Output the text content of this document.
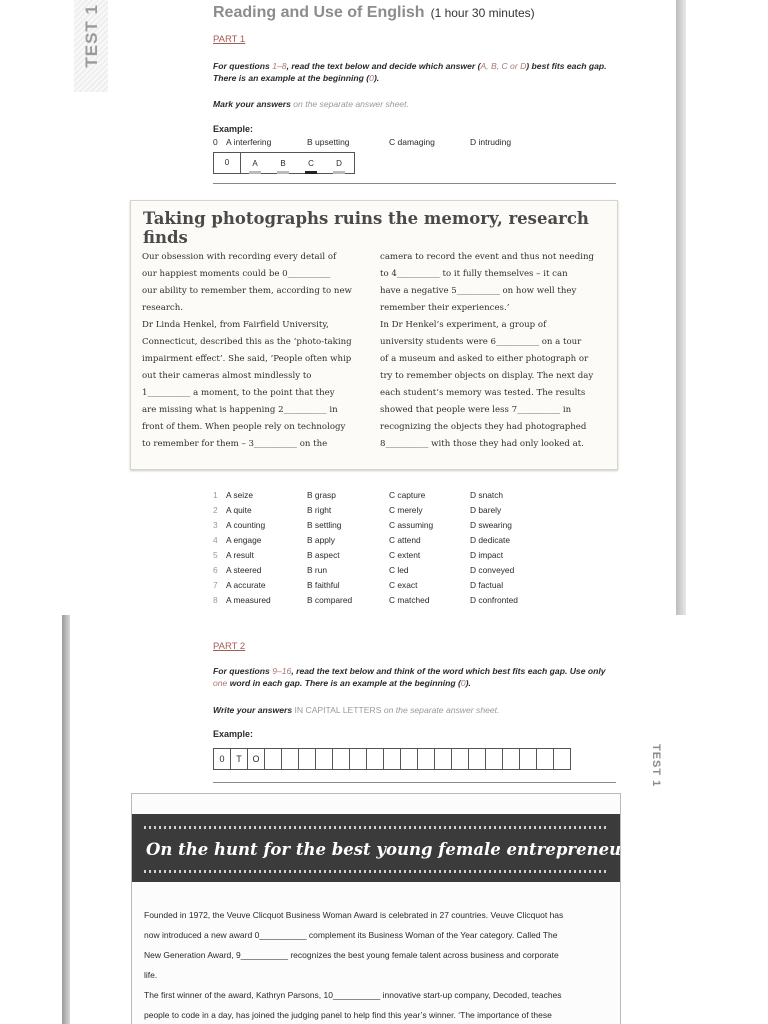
TEST 1
TEST 1
Reading and Use of English (1 hour 30 minutes)
PART 1
For questions 1–8, read the text below and decide which answer (A, B, C or D) best fits each gap. There is an example at the beginning (0).
Mark your answers on the separate answer sheet.
Example:
0 A interfering	B upsetting	C damaging	D intruding
0	A	B	C	D
Taking photographs ruins the memory, research finds
Our obsession with recording every detail of
our happiest moments could be 0__________
our ability to remember them, according to new
research.
Dr Linda Henkel, from Fairfield University,
Connecticut, described this as the ‘photo-taking
impairment effect’. She said, ‘People often whip
out their cameras almost mindlessly to
1__________ a moment, to the point that they
are missing what is happening 2__________ in
front of them. When people rely on technology
to remember for them – 3__________ on the
camera to record the event and thus not needing
to 4__________ to it fully themselves – it can
have a negative 5__________ on how well they
remember their experiences.’
In Dr Henkel’s experiment, a group of
university students were 6__________ on a tour
of a museum and asked to either photograph or
try to remember objects on display. The next day
each student’s memory was tested. The results
showed that people were less 7__________ in
recognizing the objects they had photographed
8__________ with those they had only looked at.
1 A seize	B grasp	C capture	D snatch
2 A quite	B right	C merely	D barely
3 A counting	B settling	C assuming	D swearing
4 A engage	B apply	C attend	D dedicate
5 A result	B aspect	C extent	D impact
6 A steered	B run	C led	D conveyed
7 A accurate	B faithful	C exact	D factual
8 A measured	B compared	C matched	D confronted
PART 2
For questions 9–16, read the text below and think of the word which best fits each gap. Use only one word in each gap. There is an example at the beginning (0).
Write your answers IN CAPITAL LETTERS on the separate answer sheet.
Example:
0	T	O
On the hunt for the best young female entrepreneurs
Founded in 1972, the Veuve Clicquot Business Woman Award is celebrated in 27 countries. Veuve Clicquot has
now introduced a new award 0__________ complement its Business Woman of the Year category. Called The
New Generation Award, 9__________ recognizes the best young female talent across business and corporate
life.
The first winner of the award, Kathryn Parsons, 10__________ innovative start-up company, Decoded, teaches
people to code in a day, has joined the judging panel to help find this year’s winner. ‘The importance of these
